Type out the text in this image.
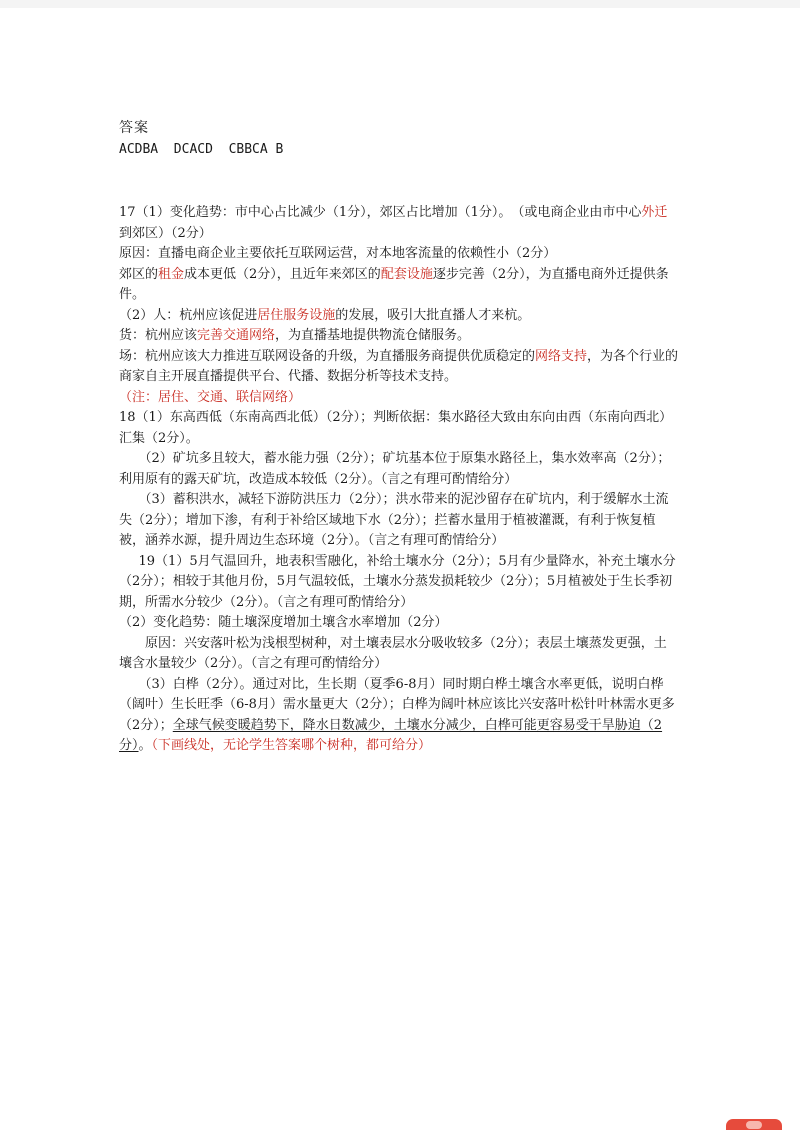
答案
ACDBA  DCACD  CBBCA B

17（1）变化趋势：市中心占比减少（1分），郊区占比增加（1分）。　（或电商企业由市中心外迁到郊区）（2分）

原因：直播电商企业主要依托互联网运营，对本地客流量的依赖性小（2分）

郊区的租金成本更低（2分），且近年来郊区的配套设施逐步完善（2分），为直播电商外迁提供条件。

（2）人：杭州应该促进居住服务设施的发展，吸引大批直播人才来杭。

货：杭州应该完善交通网络，为直播基地提供物流仓储服务。

场：杭州应该大力推进互联网设备的升级，为直播服务商提供优质稳定的网络支持，为各个行业的商家自主开展直播提供平台、代播、数据分析等技术支持。

（注：居住、交通、联信网络）

18（1）东高西低（东南高西北低）（2分）；判断依据：集水路径大致由东向由西（东南向西北）汇集（2分）。

（2）矿坑多且较大，蓄水能力强（2分）；矿坑基本位于原集水路径上，集水效率高（2分）；利用原有的露天矿坑，改造成本较低（2分）。（言之有理可酌情给分）

（3）蓄积洪水，减轻下游防洪压力（2分）；洪水带来的泥沙留存在矿坑内，利于缓解水土流失（2分）；增加下渗，有利于补给区域地下水（2分）；拦蓄水量用于植被灌溉，有利于恢复植被，涵养水源，提升周边生态环境（2分）。（言之有理可酌情给分）

19（1）5月气温回升，地表积雪融化，补给土壤水分（2分）；5月有少量降水，补充土壤水分（2分）；相较于其他月份，5月气温较低，土壤水分蒸发损耗较少（2分）；5月植被处于生长季初期，所需水分较少（2分）。（言之有理可酌情给分）

（2）变化趋势：随土壤深度增加土壤含水率增加（2分）

原因：兴安落叶松为浅根型树种，对土壤表层水分吸收较多（2分）；表层土壤蒸发更强，土壤含水量较少（2分）。（言之有理可酌情给分）

（3）白桦（2分）。通过对比，生长期（夏季6-8月）同时期白桦土壤含水率更低，说明白桦（阔叶）生长旺季（6-8月）需水量更大（2分）；白桦为阔叶林应该比兴安落叶松针叶林需水更多（2分）；全球气候变暖趋势下，降水日数减少，土壤水分减少，白桦可能更容易受干旱胁迫（2分）。（下画线处，无论学生答案哪个树种，都可给分）
